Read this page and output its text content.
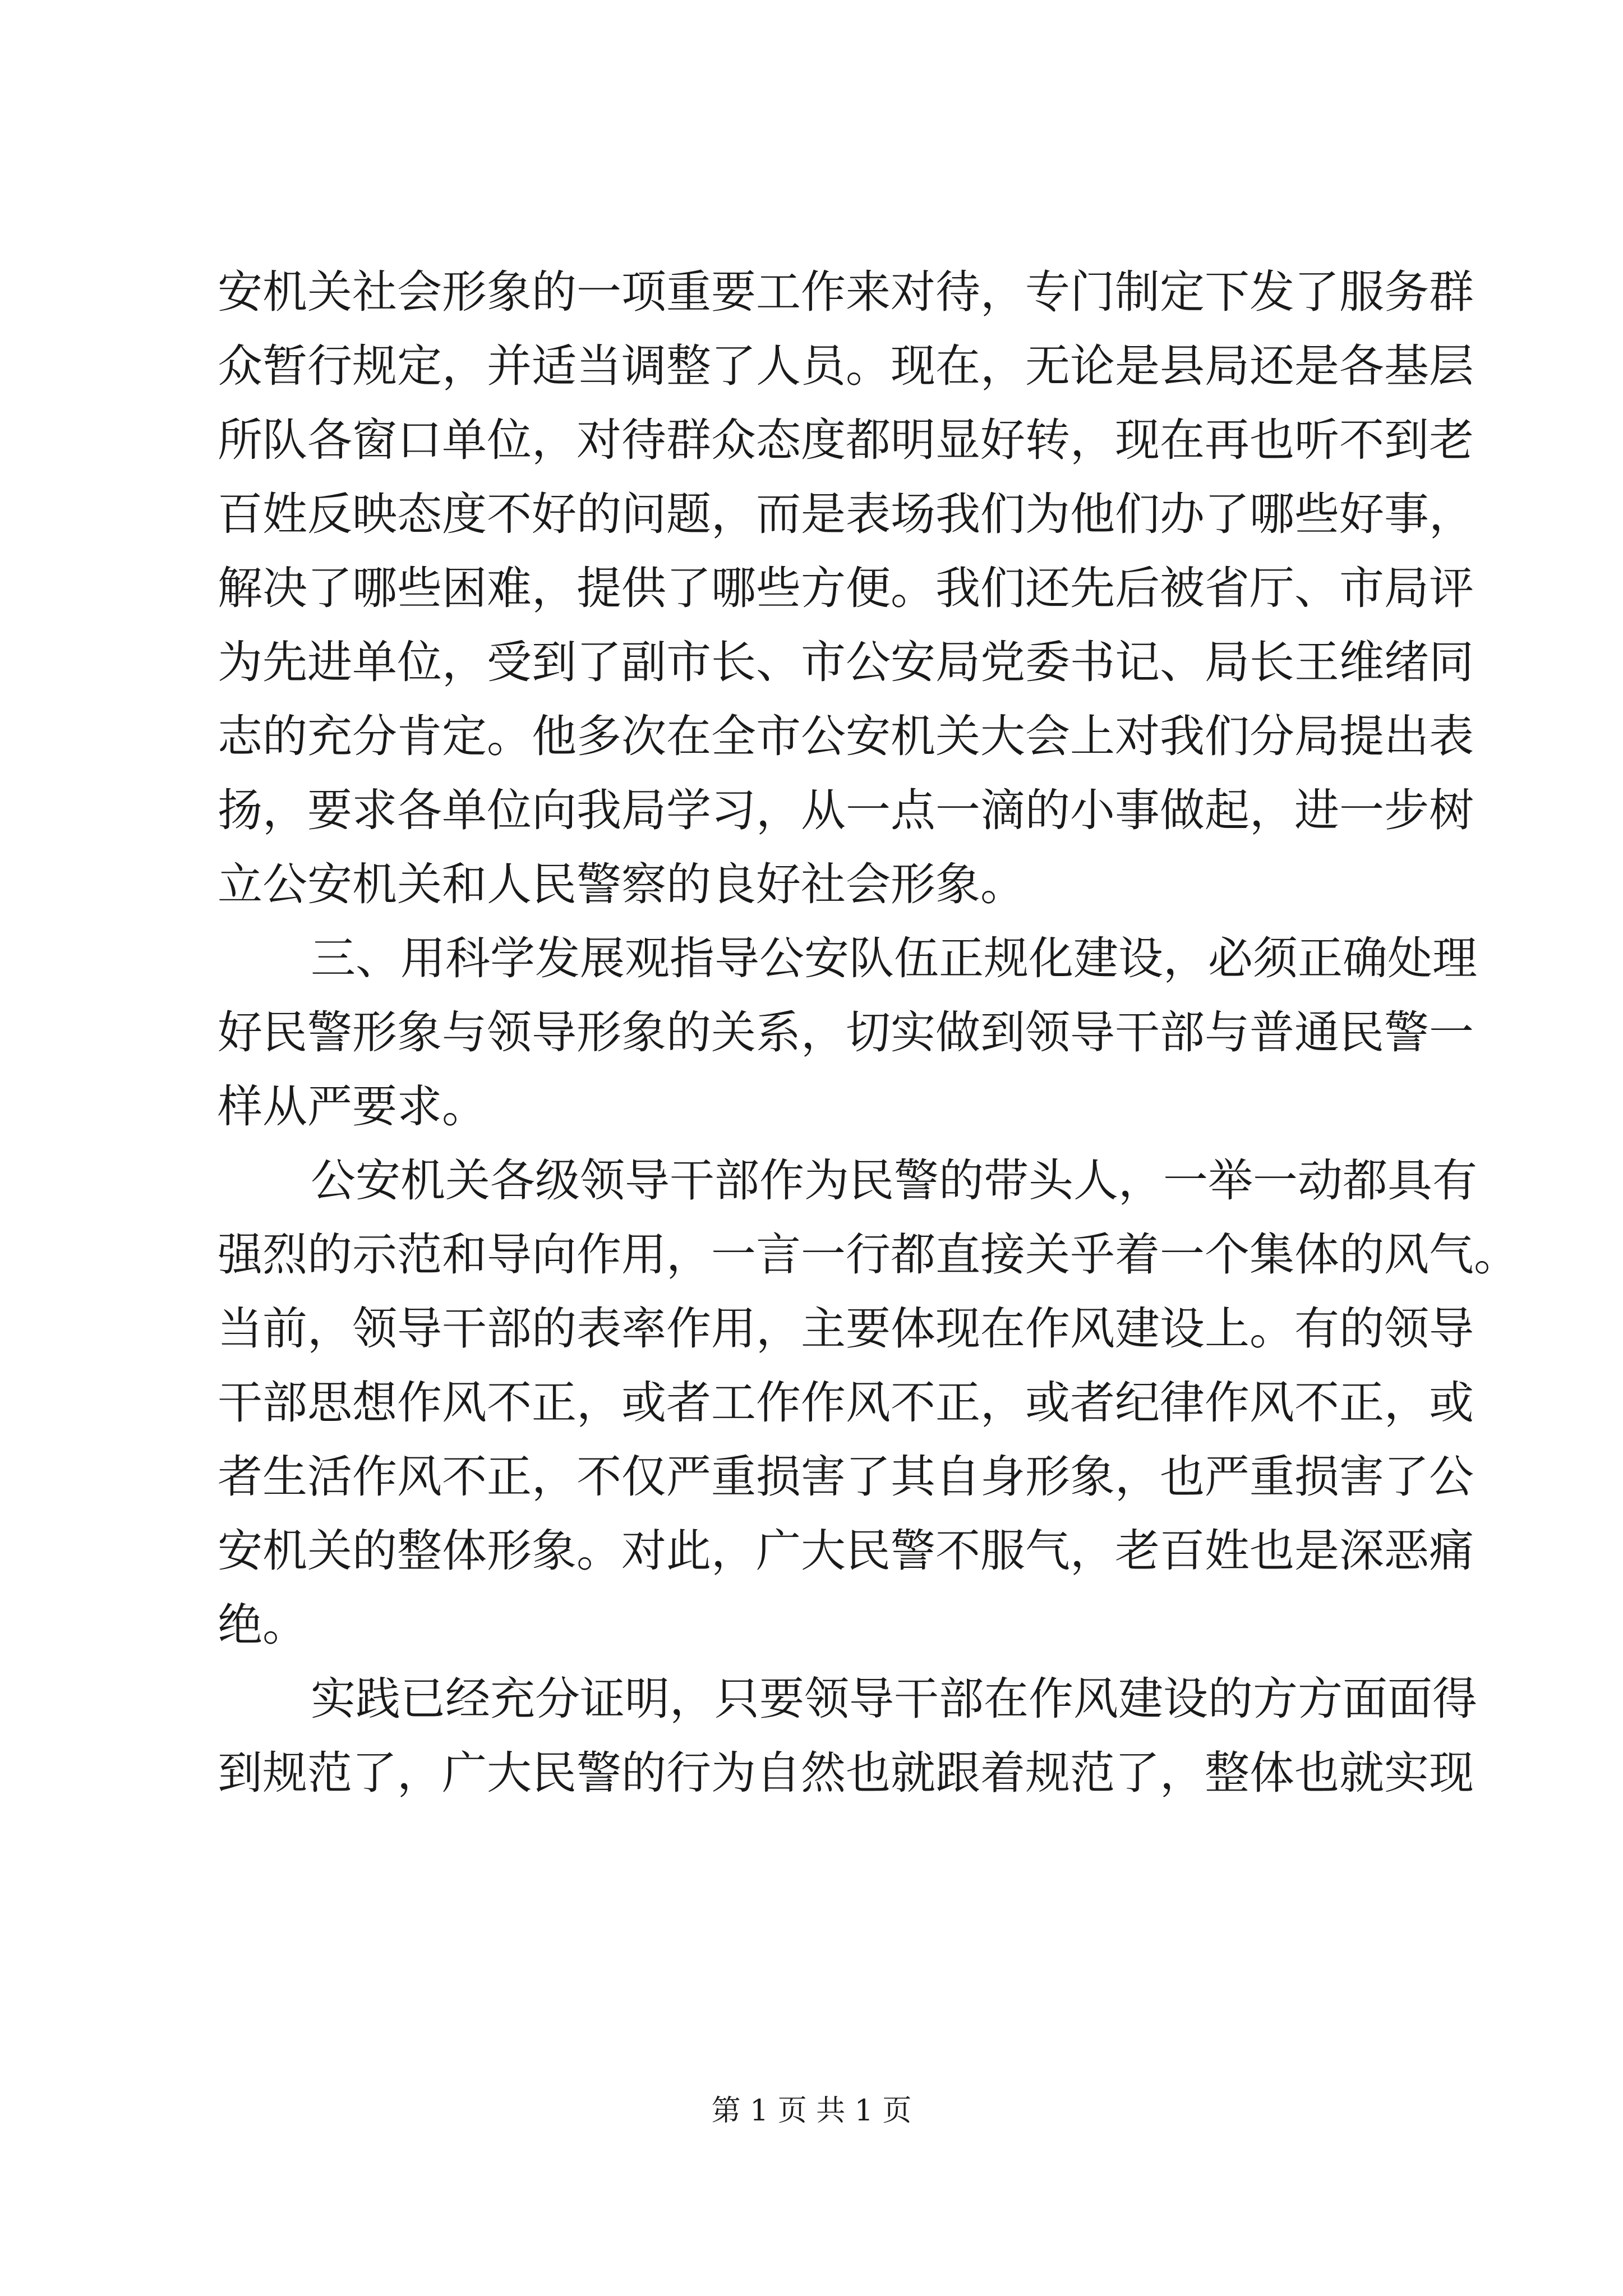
安机关社会形象的一项重要工作来对待，专门制定下发了服务群
众暂行规定，并适当调整了人员。现在，无论是县局还是各基层
所队各窗口单位，对待群众态度都明显好转，现在再也听不到老
百姓反映态度不好的问题，而是表场我们为他们办了哪些好事，
解决了哪些困难，提供了哪些方便。我们还先后被省厅、市局评
为先进单位，受到了副市长、市公安局党委书记、局长王维绪同
志的充分肯定。他多次在全市公安机关大会上对我们分局提出表
扬，要求各单位向我局学习，从一点一滴的小事做起，进一步树
立公安机关和人民警察的良好社会形象。
三、用科学发展观指导公安队伍正规化建设，必须正确处理
好民警形象与领导形象的关系，切实做到领导干部与普通民警一
样从严要求。
公安机关各级领导干部作为民警的带头人，一举一动都具有
强烈的示范和导向作用，一言一行都直接关乎着一个集体的风气。
当前，领导干部的表率作用，主要体现在作风建设上。有的领导
干部思想作风不正，或者工作作风不正，或者纪律作风不正，或
者生活作风不正，不仅严重损害了其自身形象，也严重损害了公
安机关的整体形象。对此，广大民警不服气，老百姓也是深恶痛
绝。
实践已经充分证明，只要领导干部在作风建设的方方面面得
到规范了，广大民警的行为自然也就跟着规范了，整体也就实现
第 1 页 共 1 页
